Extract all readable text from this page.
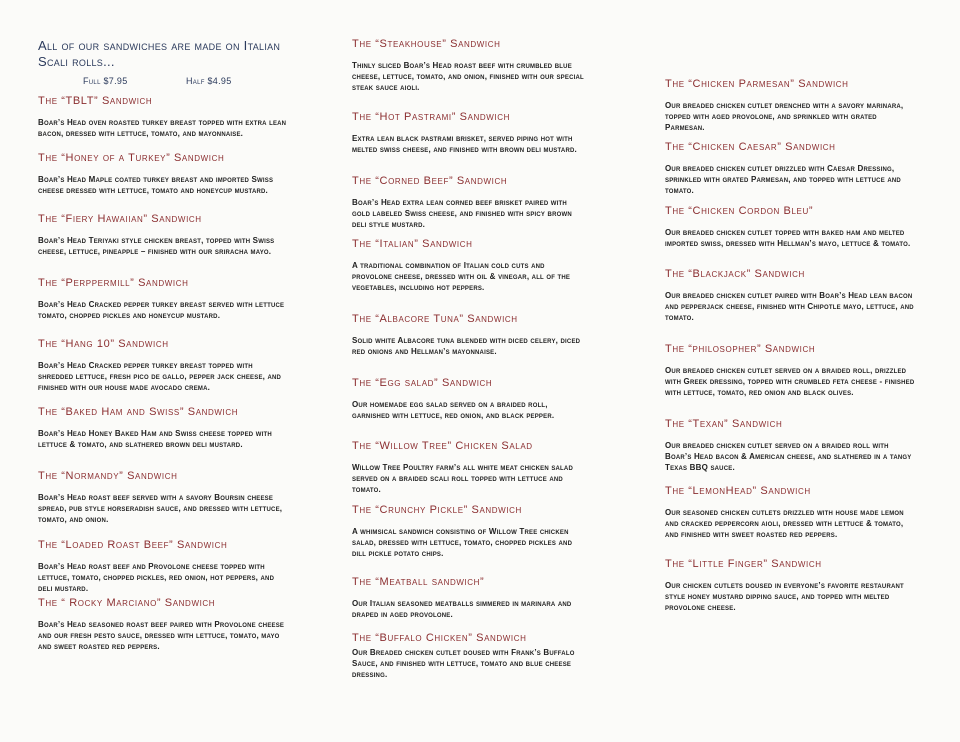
All of our sandwiches are made on Italian Scali rolls...
Full $7.95	Half $4.95
The “TBLT” Sandwich
Boar’s Head oven roasted turkey breast topped with extra lean bacon, dressed with lettuce, tomato, and mayonnaise.
The “Honey of a Turkey” Sandwich
Boar’s Head Maple coated turkey breast and imported Swiss cheese dressed with lettuce, tomato and honeycup mustard.
The “Fiery Hawaiian” Sandwich
Boar’s Head Teriyaki style chicken breast, topped with Swiss cheese, lettuce, pineapple – finished with our sriracha mayo.
The “Perppermill” Sandwich
Boar’s Head Cracked pepper turkey breast served with lettuce tomato, chopped pickles and honeycup mustard.
The “Hang 10” Sandwich
Boar’s Head Cracked pepper turkey breast topped with shredded lettuce, fresh pico de gallo, pepper jack cheese, and finished with our house made avocado crema.
The “Baked Ham and Swiss” Sandwich
Boar’s Head Honey Baked Ham and Swiss cheese topped with lettuce & tomato, and slathered brown deli mustard.
The “Normandy” Sandwich
Boar’s Head roast beef served with a savory Boursin cheese spread, pub style horseradish sauce, and dressed with lettuce, tomato, and onion.
The “Loaded Roast Beef” Sandwich
Boar’s Head roast beef and Provolone cheese topped with lettuce, tomato, chopped pickles, red onion, hot peppers, and deli mustard.
The “ Rocky Marciano” Sandwich
Boar’s Head seasoned roast beef paired with Provolone cheese and our fresh pesto sauce, dressed with lettuce, tomato, mayo and sweet roasted red peppers.
The “Steakhouse” Sandwich
Thinly sliced Boar’s Head roast beef with crumbled blue cheese, lettuce, tomato, and onion, finished with our special steak sauce aioli.
The “Hot Pastrami” Sandwich
Extra lean black pastrami brisket, served piping hot with melted swiss cheese, and finished with brown deli mustard.
The “Corned Beef” Sandwich
Boar’s Head extra lean corned beef brisket paired with gold labeled Swiss cheese, and finished with spicy brown deli style mustard.
The “Italian” Sandwich
A traditional combination of Italian cold cuts and provolone cheese, dressed with oil & vinegar, all of the vegetables, including hot peppers.
The “Albacore Tuna” Sandwich
Solid white Albacore tuna blended with diced celery, diced red onions and Hellman’s mayonnaise.
The “Egg salad” Sandwich
Our homemade egg salad served on a braided roll, garnished with lettuce, red onion, and black pepper.
The “Willow Tree” Chicken Salad
Willow Tree Poultry farm’s all white meat chicken salad served on a braided scali roll topped with lettuce and tomato.
The “Crunchy Pickle” Sandwich
A whimsical sandwich consisting of Willow Tree chicken salad, dressed with lettuce, tomato, chopped pickles and dill pickle potato chips.
The “Meatball sandwich”
Our Italian seasoned meatballs simmered in marinara and draped in aged provolone.
The “Buffalo Chicken” Sandwich
Our Breaded chicken cutlet doused with Frank’s Buffalo Sauce, and finished with lettuce, tomato and blue cheese dressing.
The “Chicken Parmesan” Sandwich
Our breaded chicken cutlet drenched with a savory marinara, topped with aged provolone, and sprinkled with grated Parmesan.
The “Chicken Caesar” Sandwich
Our breaded chicken cutlet drizzled with Caesar Dressing, sprinkled with grated Parmesan, and topped with lettuce and tomato.
The “Chicken Cordon Bleu”
Our breaded chicken cutlet topped with baked ham and melted imported swiss, dressed with Hellman’s mayo, lettuce & tomato.
The “Blackjack” Sandwich
Our breaded chicken cutlet paired with Boar’s Head lean bacon and pepperjack cheese, finished with Chipotle mayo, lettuce, and tomato.
The “philosopher” Sandwich
Our breaded chicken cutlet served on a braided roll, drizzled with Greek dressing, topped with crumbled feta cheese - finished with lettuce, tomato, red onion and black olives.
The “Texan” Sandwich
Our breaded chicken cutlet served on a braided roll with Boar’s Head bacon & American cheese, and slathered in a tangy Texas BBQ sauce.
The “LemonHead” Sandwich
Our seasoned chicken cutlets drizzled with house made lemon and cracked peppercorn aioli, dressed with lettuce & tomato, and finished with sweet roasted red peppers.
The “Little Finger” Sandwich
Our chicken cutlets doused in everyone’s favorite restaurant style honey mustard dipping sauce, and topped with melted provolone cheese.
